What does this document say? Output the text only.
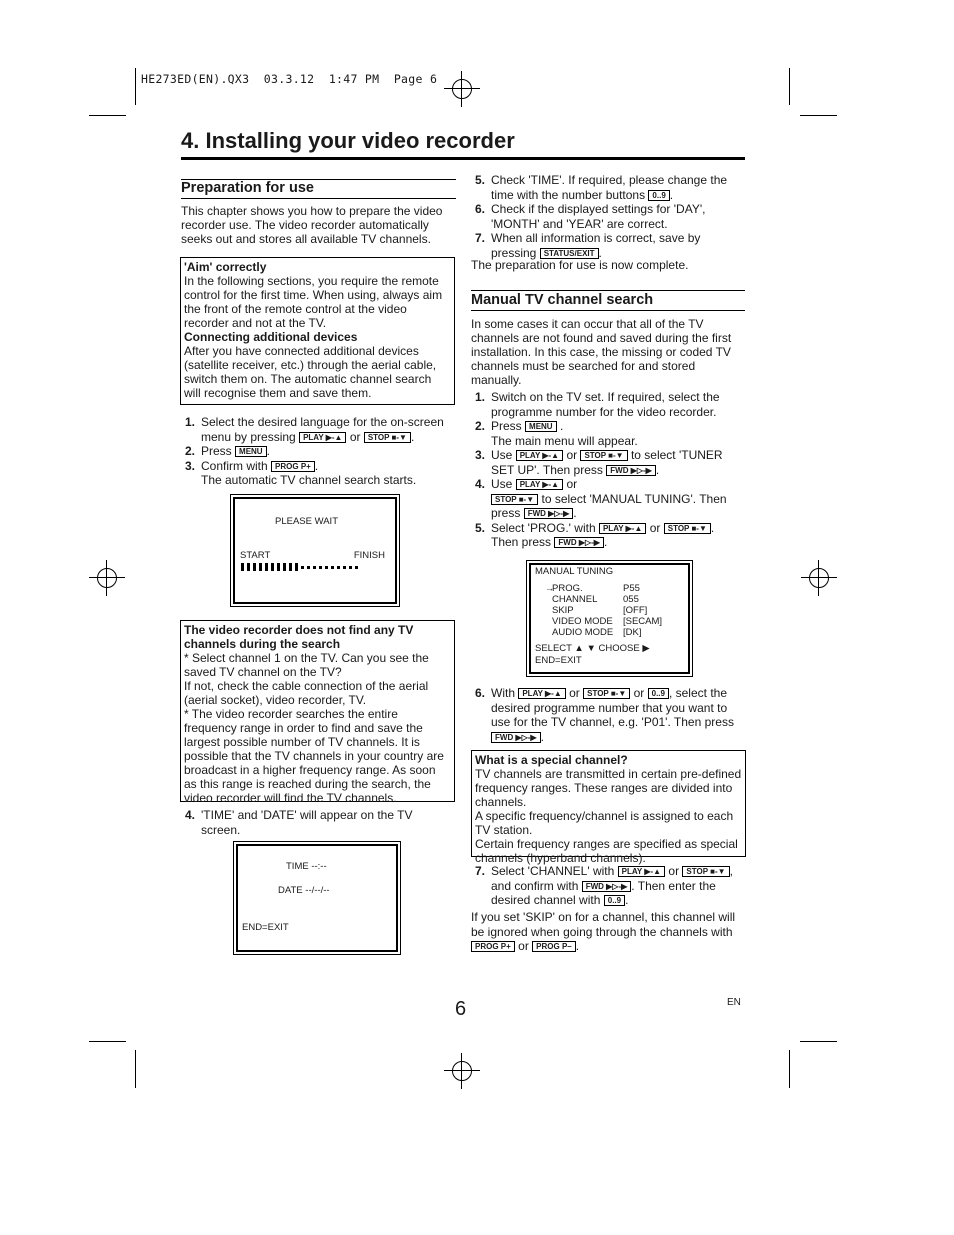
HE273ED(EN).QX3  03.3.12  1:47 PM  Page 6
4. Installing your video recorder
Preparation for use
This chapter shows you how to prepare the video recorder use. The video recorder automatically seeks out and stores all available TV channels.
'Aim' correctly
In the following sections, you require the remote control for the first time. When using, always aim the front of the remote control at the video recorder and not at the TV.
Connecting additional devices
After you have connected additional devices (satellite receiver, etc.) through the aerial cable, switch them on. The automatic channel search will recognise them and save them.
1. Select the desired language for the on-screen menu by pressing PLAY ▶-▲ or STOP ■-▼ .
2. Press MENU .
3. Confirm with PROG P+ .
The automatic TV channel search starts.
PLEASE WAIT
START	FINISH
The video recorder does not find any TV channels during the search
* Select channel 1 on the TV. Can you see the saved TV channel on the TV?
If not, check the cable connection of the aerial (aerial socket), video recorder, TV.
* The video recorder searches the entire frequency range in order to find and save the largest possible number of TV channels. It is possible that the TV channels in your country are broadcast in a higher frequency range. As soon as this range is reached during the search, the video recorder will find the TV channels.
4. 'TIME' and 'DATE' will appear on the TV screen.
TIME --:--
DATE --/--/--
END=EXIT
5. Check 'TIME'. If required, please change the time with the number buttons 0..9 .
6. Check if the displayed settings for 'DAY', 'MONTH' and 'YEAR' are correct.
7. When all information is correct, save by pressing STATUS/EXIT .
The preparation for use is now complete.
Manual TV channel search
In some cases it can occur that all of the TV channels are not found and saved during the first installation. In this case, the missing or coded TV channels must be searched for and stored manually.
1. Switch on the TV set. If required, select the programme number for the video recorder.
2. Press MENU .
The main menu will appear.
3. Use PLAY ▶-▲ or STOP ■-▼ to select 'TUNER SET UP'. Then press FWD ▶▷-▶ .
4. Use PLAY ▶-▲ or
STOP ■-▼ to select 'MANUAL TUNING'. Then press FWD ▶▷-▶ .
5. Select 'PROG.' with PLAY ▶-▲ or STOP ■-▼ .
Then press FWD ▶▷-▶ .
MANUAL TUNING
→
PROG.	P55
CHANNEL	055
SKIP	[OFF]
VIDEO MODE [SECAM]
AUDIO MODE [DK]
SELECT ▲ ▼ CHOOSE ▶
END=EXIT
6. With PLAY ▶-▲ or STOP ■-▼ or 0..9 , select the desired programme number that you want to use for the TV channel, e.g. 'P01'. Then press FWD ▶▷-▶ .
What is a special channel?
TV channels are transmitted in certain pre-defined frequency ranges. These ranges are divided into channels.
A specific frequency/channel is assigned to each TV station.
Certain frequency ranges are specified as special channels (hyperband channels).
7. Select 'CHANNEL' with PLAY ▶-▲ or STOP ■-▼ , and confirm with FWD ▶▷-▶ . Then enter the desired channel with 0..9 .
If you set 'SKIP' on for a channel, this channel will be ignored when going through the channels with PROG P+ or PROG P– .
6	EN
